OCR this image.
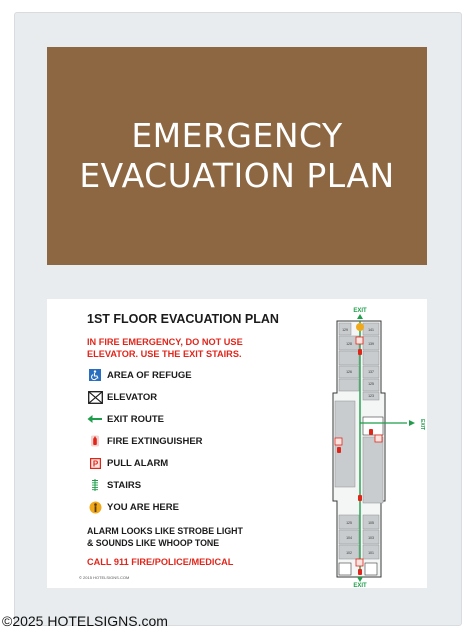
EMERGENCY
EVACUATION PLAN
1ST FLOOR EVACUATION PLAN
IN FIRE EMERGENCY, DO NOT USE
ELEVATOR. USE THE EXIT STAIRS.
AREA OF REFUGE
ELEVATOR
EXIT ROUTE
FIRE EXTINGUISHER
P PULL ALARM
STAIRS
YOU ARE HERE
ALARM LOOKS LIKE STROBE LIGHT
& SOUNDS LIKE WHOOP TONE
CALL 911 FIRE/POLICE/MEDICAL
© 2015 HOTELSIGNS.COM
EXIT
129	141
128	139
126	137
125
123
125	105
104	103
102	101
EXIT
EXIT
©2025 HOTELSIGNS.com
